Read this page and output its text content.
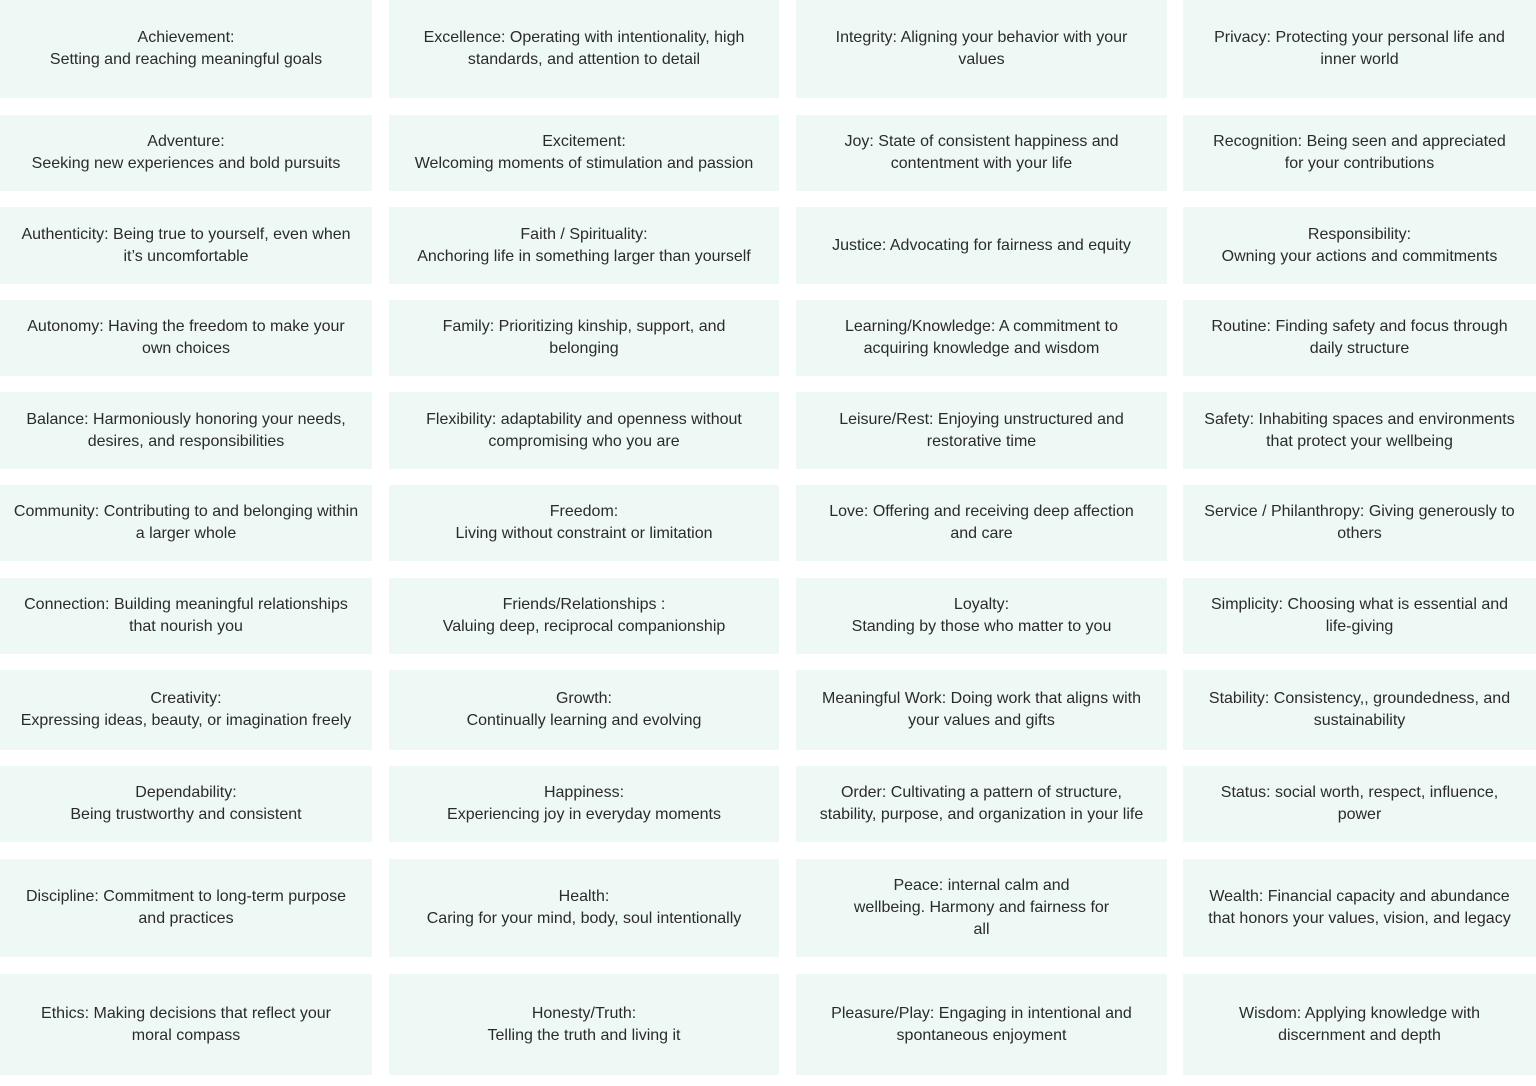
Achievement:
Setting and reaching meaningful goals
Excellence: Operating with intentionality, high
standards, and attention to detail
Integrity: Aligning your behavior with your
values
Privacy: Protecting your personal life and
inner world
Adventure:
Seeking new experiences and bold pursuits
Excitement:
Welcoming moments of stimulation and passion
Joy: State of consistent happiness and
contentment with your life
Recognition: Being seen and appreciated
for your contributions
Authenticity: Being true to yourself, even when
it’s uncomfortable
Faith / Spirituality:
Anchoring life in something larger than yourself
Justice: Advocating for fairness and equity
Responsibility:
Owning your actions and commitments
Autonomy: Having the freedom to make your
own choices
Family: Prioritizing kinship, support, and
belonging
Learning/Knowledge: A commitment to
acquiring knowledge and wisdom
Routine: Finding safety and focus through
daily structure
Balance: Harmoniously honoring your needs,
desires, and responsibilities
Flexibility: adaptability and openness without
compromising who you are
Leisure/Rest: Enjoying unstructured and
restorative time
Safety: Inhabiting spaces and environments
that protect your wellbeing
Community: Contributing to and belonging within
a larger whole
Freedom:
Living without constraint or limitation
Love: Offering and receiving deep affection
and care
Service / Philanthropy: Giving generously to
others
Connection: Building meaningful relationships
that nourish you
Friends/Relationships :
Valuing deep, reciprocal companionship
Loyalty:
Standing by those who matter to you
Simplicity: Choosing what is essential and
life-giving
Creativity:
Expressing ideas, beauty, or imagination freely
Growth:
Continually learning and evolving
Meaningful Work: Doing work that aligns with
your values and gifts
Stability: Consistency,, groundedness, and
sustainability
Dependability:
Being trustworthy and consistent
Happiness:
Experiencing joy in everyday moments
Order: Cultivating a pattern of structure,
stability, purpose, and organization in your life
Status: social worth, respect, influence,
power
Discipline: Commitment to long-term purpose
and practices
Health:
Caring for your mind, body, soul intentionally
Peace: internal calm and
wellbeing. Harmony and fairness for
all
Wealth: Financial capacity and abundance
that honors your values, vision, and legacy
Ethics: Making decisions that reflect your
moral compass
Honesty/Truth:
Telling the truth and living it
Pleasure/Play: Engaging in intentional and
spontaneous enjoyment
Wisdom: Applying knowledge with
discernment and depth
